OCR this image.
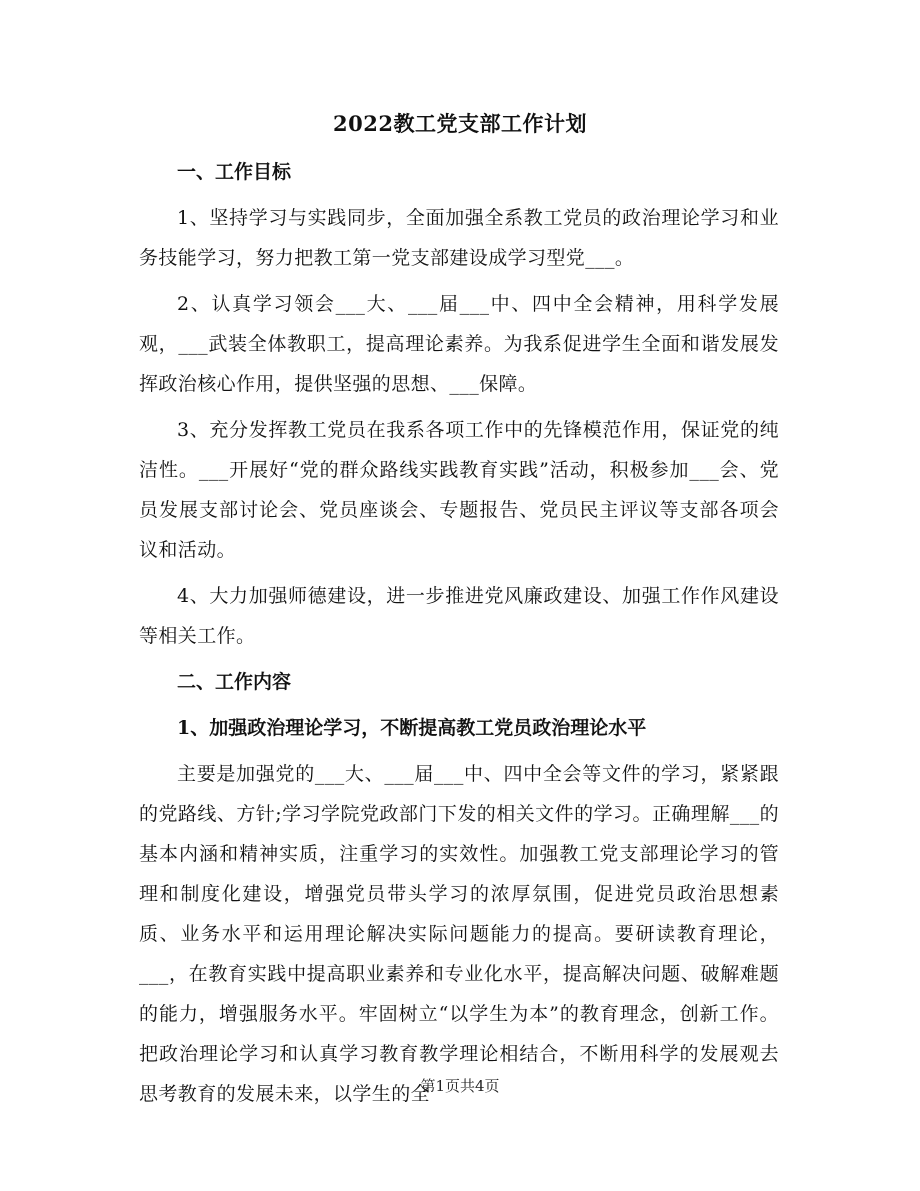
2022教工党支部工作计划
一、工作目标

1、坚持学习与实践同步，全面加强全系教工党员的政治理论学习和业务技能学习，努力把教工第一党支部建设成学习型党___。

2、认真学习领会___大、___届___中、四中全会精神，用科学发展观，___武装全体教职工，提高理论素养。为我系促进学生全面和谐发展发挥政治核心作用，提供坚强的思想、___保障。

3、充分发挥教工党员在我系各项工作中的先锋模范作用，保证党的纯洁性。___开展好“党的群众路线实践教育实践”活动，积极参加___会、党员发展支部讨论会、党员座谈会、专题报告、党员民主评议等支部各项会议和活动。

4、大力加强师德建设，进一步推进党风廉政建设、加强工作作风建设等相关工作。

二、工作内容
1、加强政治理论学习，不断提高教工党员政治理论水平

主要是加强党的___大、___届___中、四中全会等文件的学习，紧紧跟的党路线、方针;学习学院党政部门下发的相关文件的学习。正确理解___的基本内涵和精神实质，注重学习的实效性。加强教工党支部理论学习的管理和制度化建设，增强党员带头学习的浓厚氛围，促进党员政治思想素质、业务水平和运用理论解决实际问题能力的提高。要研读教育理论，___，在教育实践中提高职业素养和专业化水平，提高解决问题、破解难题的能力，增强服务水平。牢固树立“以学生为本”的教育理念，创新工作。把政治理论学习和认真学习教育教学理论相结合，不断用科学的发展观去思考教育的发展未来，以学生的全

第1页共4页
